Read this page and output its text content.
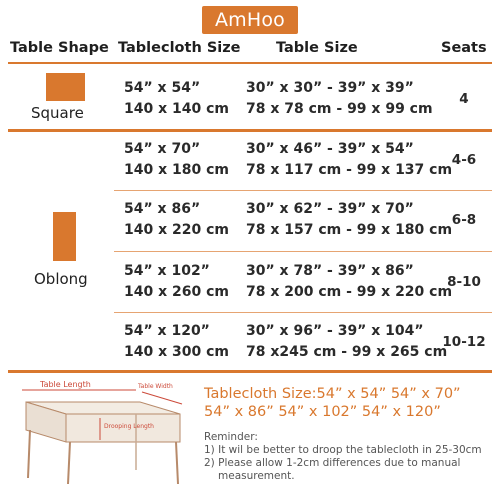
AmHoo
Table Shape Tablecloth Size Table Size	Seats
Square
54” x 54”
140 x 140 cm
30” x 30” - 39” x 39”
78 x 78 cm - 99 x 99 cm
4
Oblong
54” x 70”
140 x 180 cm
30” x 46” - 39” x 54”
78 x 117 cm - 99 x 137 cm
4-6
54” x 86”
140 x 220 cm
30” x 62” - 39” x 70”
78 x 157 cm - 99 x 180 cm
6-8
54” x 102”
140 x 260 cm
30” x 78” - 39” x 86”
78 x 200 cm - 99 x 220 cm
8-10
54” x 120”
140 x 300 cm
30” x 96” - 39” x 104”
78 x245 cm - 99 x 265 cm
10-12
Table Length	Table Width
Drooping Length
Tablecloth Size:54” x 54” 54” x 70”
54” x 86” 54” x 102” 54” x 120”
Reminder:
1) It wil be better to droop the tablecloth in 25-30cm
2) Please allow 1-2cm differences due to manual
measurement.
